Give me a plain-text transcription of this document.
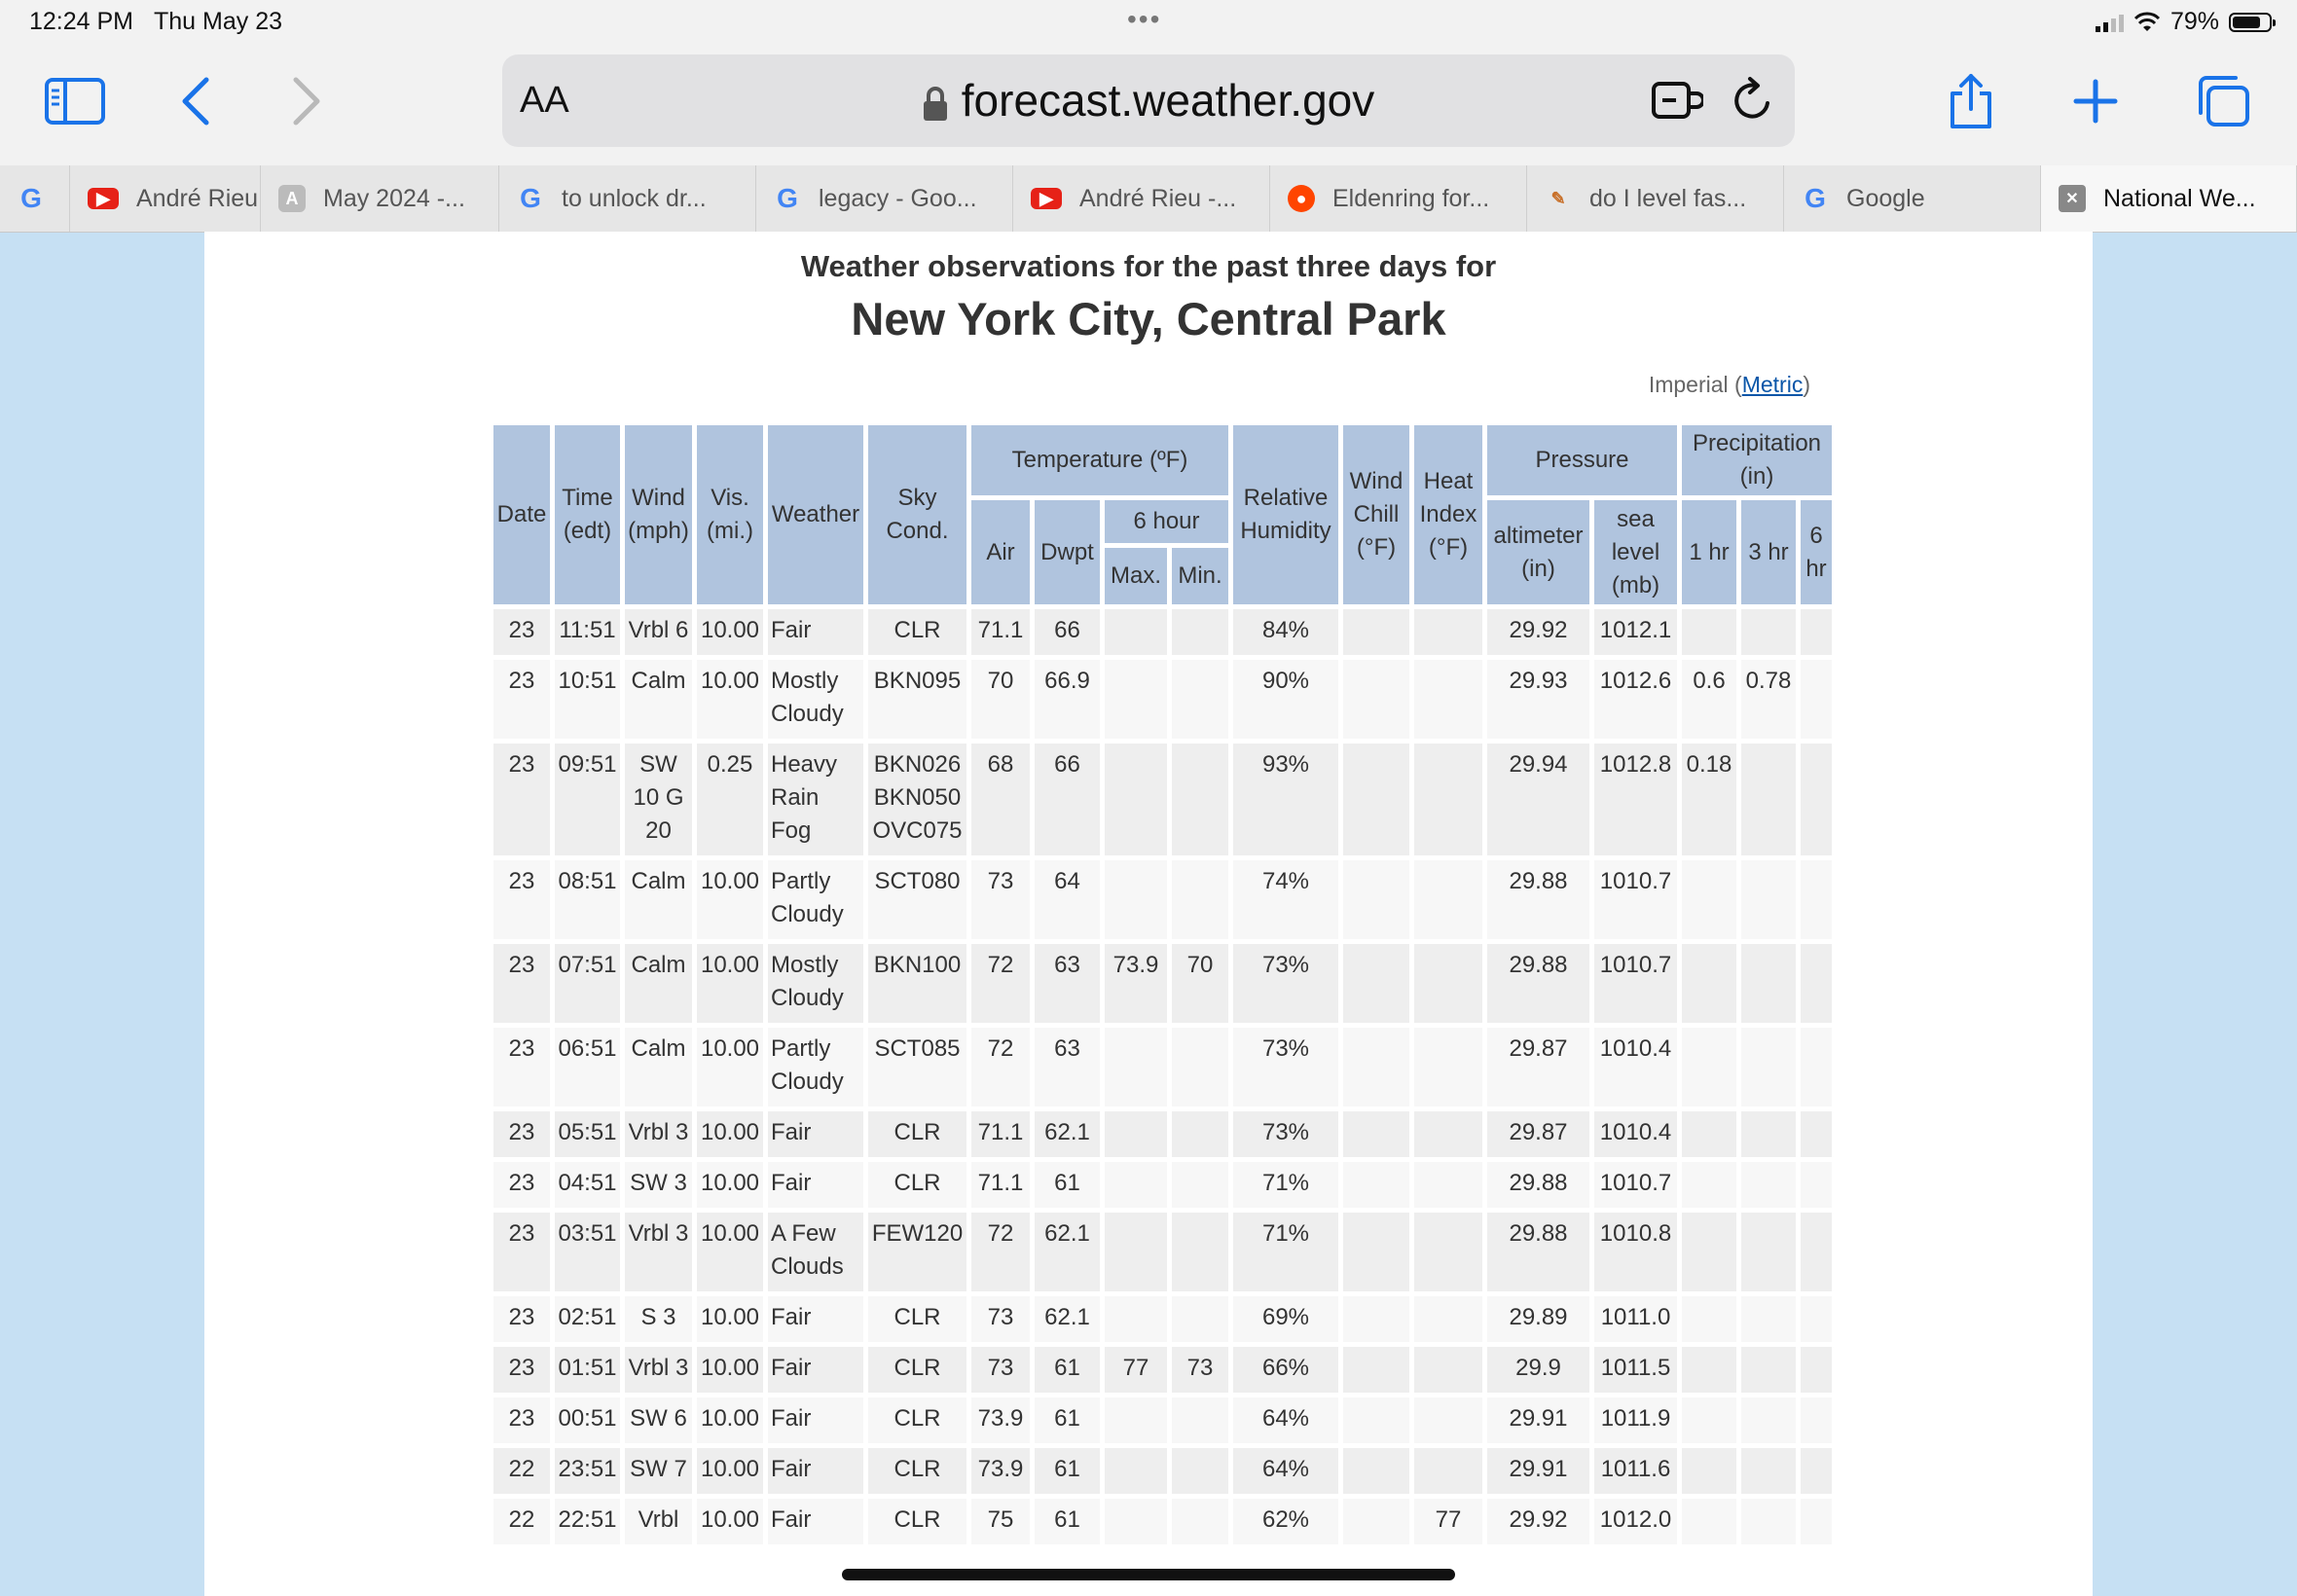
12:24 PM Thu May 23	•••	79%
AA	forecast.weather.gov
G	▶	André Rieu	A	May 2024 -... G to unlock dr...	G legacy - Goo...	▶	André Rieu -...	●	Eldenring for...	✎ do I level fas... G Google	✕ National We...
Weather observations for the past three days for
New York City, Central Park
Imperial (Metric)
Date	Time (edt)	Wind (mph)	Vis. (mi.)	Weather	Sky Cond.	Temperature (ºF)				Relative Humidity	Wind Chill (°F)	Heat Index (°F)	Pressure		Precipitation (in)		
						Air	Dwpt	6 hour					altimeter (in)	sea level (mb)	1 hr	3 hr	6 hr
								Max.	Min.								
23	11:51	Vrbl 6	10.00	Fair	CLR	71.1	66			84%			29.92	1012.1			
23	10:51	Calm	10.00	Mostly Cloudy	BKN095	70	66.9			90%			29.93	1012.6	0.6	0.78	
23	09:51	SW 10 G 20	0.25	Heavy Rain Fog	BKN026 BKN050 OVC075	68	66			93%			29.94	1012.8	0.18		
23	08:51	Calm	10.00	Partly Cloudy	SCT080	73	64			74%			29.88	1010.7			
23	07:51	Calm	10.00	Mostly Cloudy	BKN100	72	63	73.9	70	73%			29.88	1010.7			
23	06:51	Calm	10.00	Partly Cloudy	SCT085	72	63			73%			29.87	1010.4			
23	05:51	Vrbl 3	10.00	Fair	CLR	71.1	62.1			73%			29.87	1010.4			
23	04:51	SW 3	10.00	Fair	CLR	71.1	61			71%			29.88	1010.7			
23	03:51	Vrbl 3	10.00	A Few Clouds	FEW120	72	62.1			71%			29.88	1010.8			
23	02:51	S 3	10.00	Fair	CLR	73	62.1			69%			29.89	1011.0			
23	01:51	Vrbl 3	10.00	Fair	CLR	73	61	77	73	66%			29.9	1011.5			
23	00:51	SW 6	10.00	Fair	CLR	73.9	61			64%			29.91	1011.9			
22	23:51	SW 7	10.00	Fair	CLR	73.9	61			64%			29.91	1011.6			
22	22:51	Vrbl	10.00	Fair	CLR	75	61			62%		77	29.92	1012.0			
